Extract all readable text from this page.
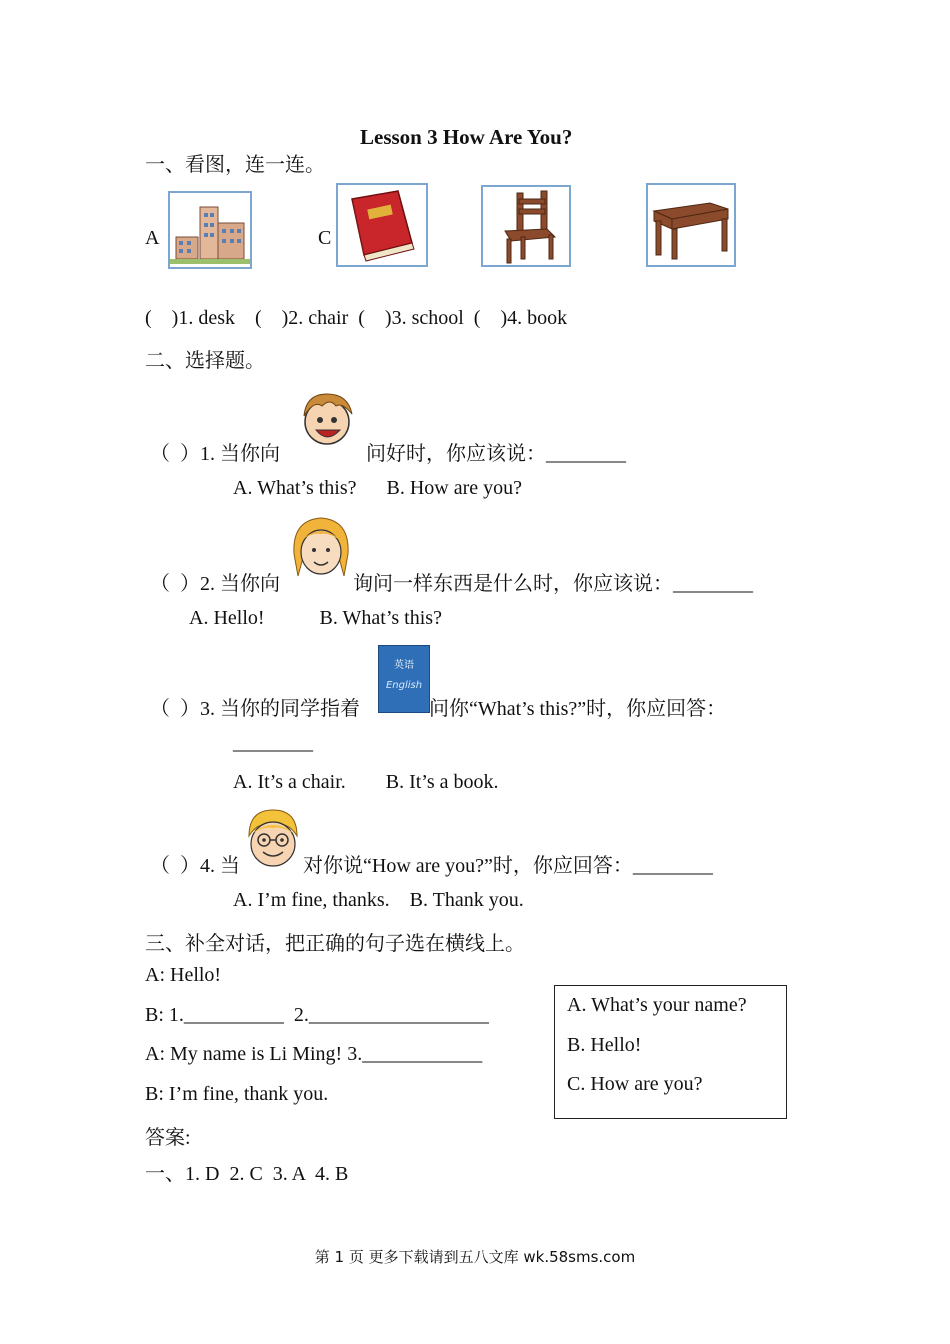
Lesson 3 How Are You?
一、看图，连一连。
A	C
(    )1. desk    (    )2. chair  (    )3. school  (    )4. book
二、选择题。
（  ）1. 当你向	问好时，你应该说：________
A. What’s this?      B. How are you?
（  ）2. 当你向	询问一样东西是什么时，你应该说：________
A. Hello!           B. What’s this?
（  ）3. 当你的同学指着
英语
English
问你“What’s this?”时，你应回答：
________
A. It’s a chair.        B. It’s a book.
（  ）4. 当	对你说“How are you?”时，你应回答：________
A. I’m fine, thanks.    B. Thank you.
三、补全对话，把正确的句子选在横线上。
A: Hello!
B: 1.__________  2.__________________
A: My name is Li Ming! 3.____________
B: I’m fine, thank you.
A. What’s your name?
B. Hello!
C. How are you?
答案:
一、1. D  2. C  3. A  4. B
第 1 页 更多下载请到五八文库 wk.58sms.com
